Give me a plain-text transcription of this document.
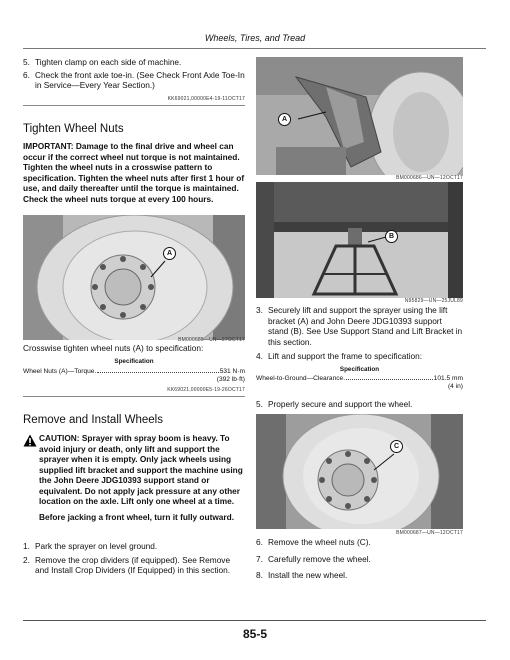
Wheels, Tires, and Tread
5. Tighten clamp on each side of machine.
6. Check the front axle toe-in. (See Check Front Axle Toe-In in Service—Every Year Section.)
KK69021,00000E4-19-11OCT17
Tighten Wheel Nuts
IMPORTANT: Damage to the final drive and wheel can occur if the correct wheel nut torque is not maintained. Tighten the wheel nuts in a crosswise pattern to specification. Tighten the wheel nuts after first 1 hour of use, and daily thereafter until the torque is maintained. Check the wheel nuts torque at every 100 hours.
A
BM000685—UN—27OCT17
Crosswise tighten wheel nuts (A) to specification:
Specification
Wheel Nuts (A)—Torque.	531 N·m
(392 lb·ft)
KK69021,00000E5-19-26OCT17
Remove and Install Wheels
CAUTION: Sprayer with spray boom is heavy. To avoid injury or death, only lift and support the sprayer when it is empty. Only jack wheels using supplied lift bracket and support the machine using the John Deere JDG10393 support stand or equivalent. Do not apply jack pressure at any other location on the axle. Lift only one wheel at a time.
Before jacking a front wheel, turn it fully outward.
1. Park the sprayer on level ground.
2. Remove the crop dividers (if equipped). See Remove and Install Crop Dividers (If Equipped) in this section.
A
BM000686—UN—12OCT17
B
N95829—UN—25JUL89
3. Securely lift and support the sprayer using the lift bracket (A) and John Deere JDG10393 support stand (B). See Use Support Stand and Lift Bracket in this section.
4. Lift and support the frame to specification:
Specification
Wheel-to-Ground—Clearance.	101.5 mm
(4 in)
5. Properly secure and support the wheel.
C
BM000687—UN—12OCT17
6. Remove the wheel nuts (C).
7. Carefully remove the wheel.
8. Install the new wheel.
85-5
